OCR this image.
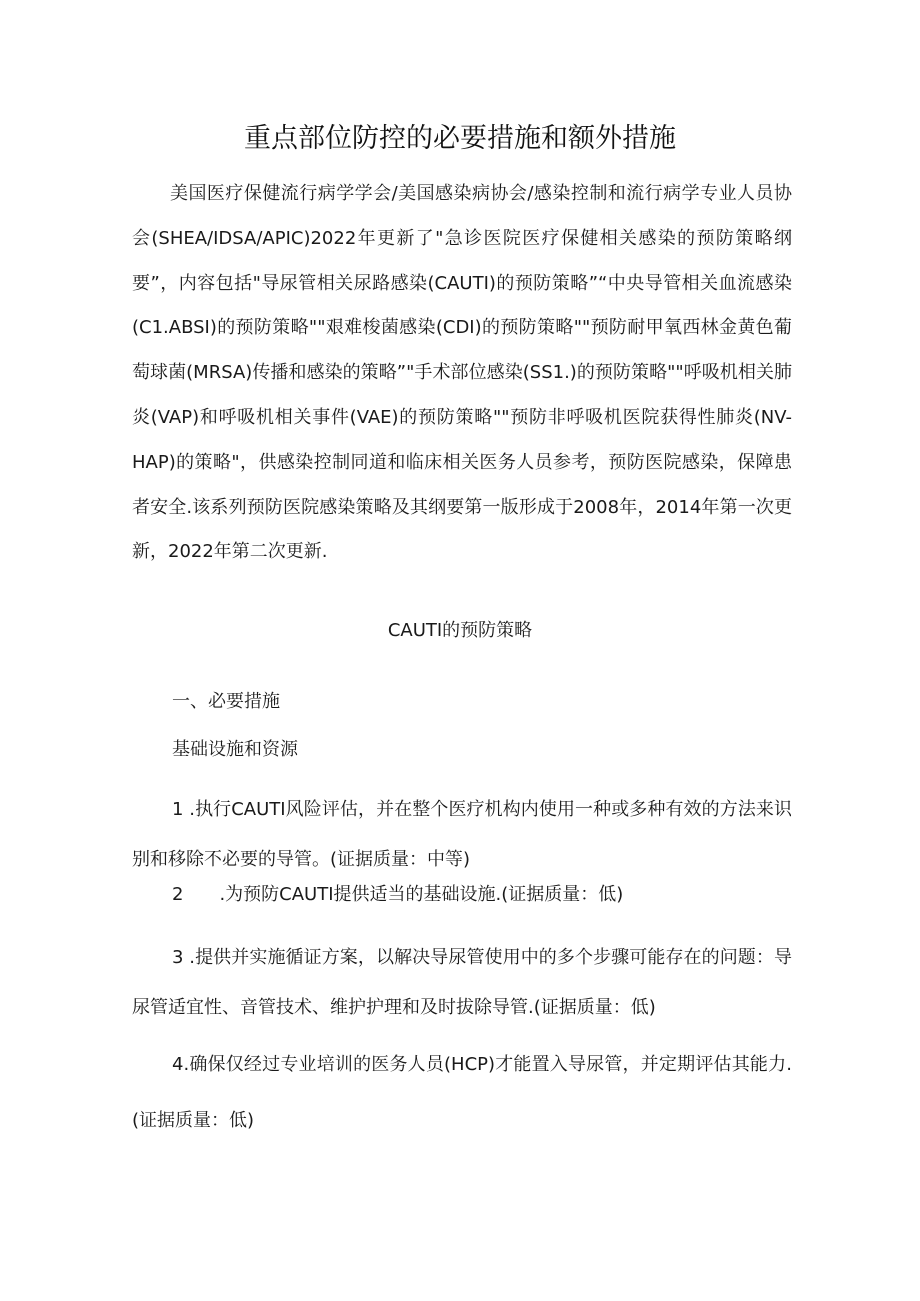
重点部位防控的必要措施和额外措施

美国医疗保健流行病学学会/美国感染病协会/感染控制和流行病学专业人员协会(SHEA/IDSA/APIC)2022年更新了"急诊医院医疗保健相关感染的预防策略纲要”，内容包括"导尿管相关尿路感染(CAUTI)的预防策略”“中央导管相关血流感染(C1.ABSI)的预防策略""艰难梭菌感染(CDI)的预防策略""预防耐甲氧西林金黄色葡萄球菌(MRSA)传播和感染的策略”"手术部位感染(SS1.)的预防策略""呼吸机相关肺炎(VAP)和呼吸机相关事件(VAE)的预防策略""预防非呼吸机医院获得性肺炎(NV-HAP)的策略"，供感染控制同道和临床相关医务人员参考，预防医院感染，保障患者安全.该系列预防医院感染策略及其纲要第一版形成于2008年，2014年第一次更新，2022年第二次更新.

CAUTI的预防策略
一、必要措施
基础设施和资源

1 .执行CAUTI风险评估，并在整个医疗机构内使用一种或多种有效的方法来识别和移除不必要的导管。(证据质量：中等)

2　　.为预防CAUTI提供适当的基础设施.(证据质量：低)

3 .提供并实施循证方案，以解决导尿管使用中的多个步骤可能存在的问题：导尿管适宜性、音管技术、维护护理和及时拔除导管.(证据质量：低)

4.确保仅经过专业培训的医务人员(HCP)才能置入导尿管，并定期评估其能力.(证据质量：低)
